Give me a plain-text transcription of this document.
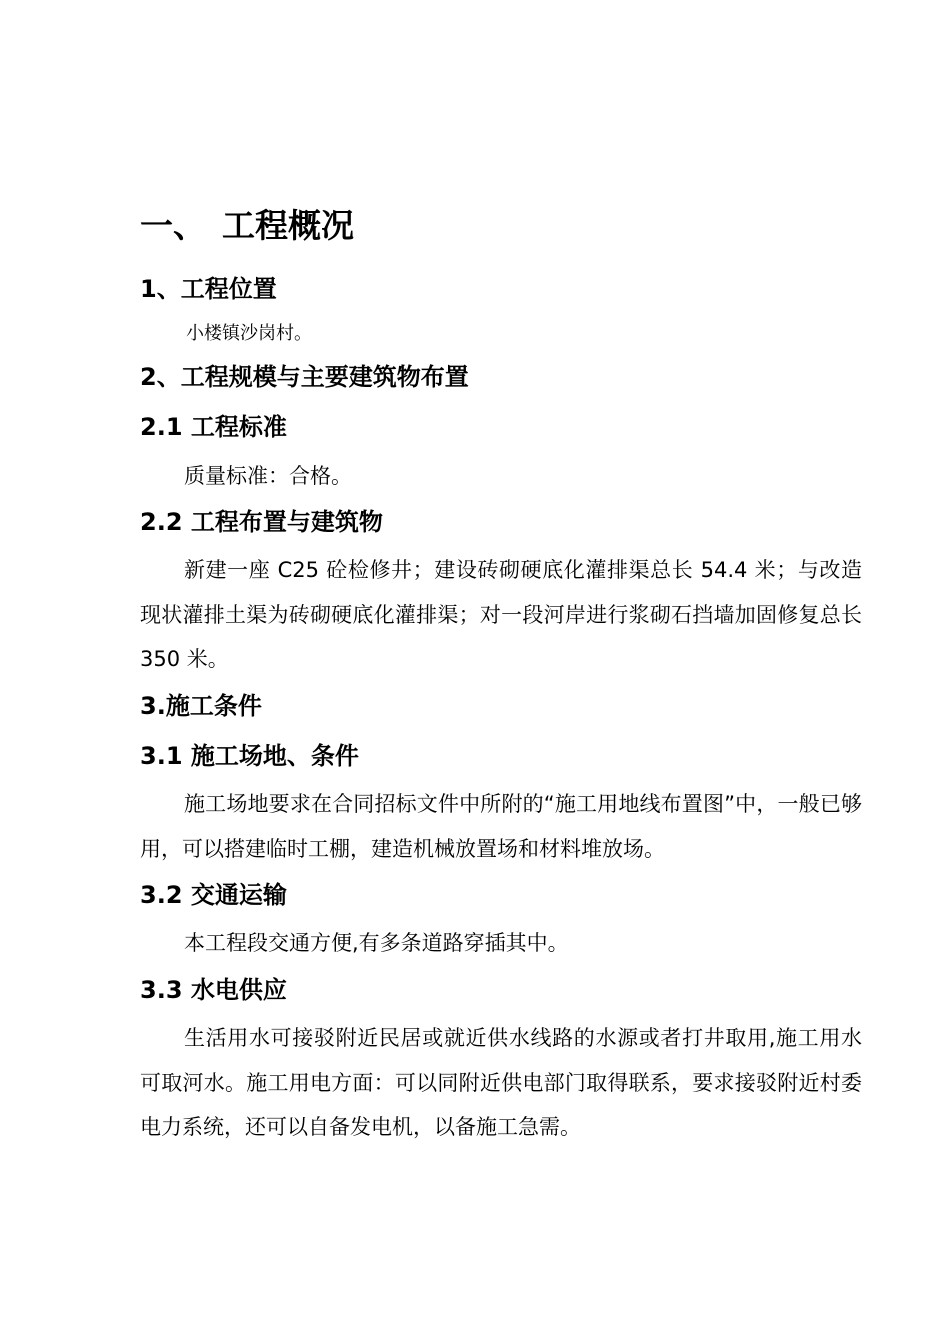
一、 工程概况
1、工程位置
小楼镇沙岗村。
2、工程规模与主要建筑物布置
2.1 工程标准
质量标准：合格。
2.2 工程布置与建筑物
新建一座 C25 砼检修井；建设砖砌硬底化灌排渠总长 54.4 米；与改造现状灌排土渠为砖砌硬底化灌排渠；对一段河岸进行浆砌石挡墙加固修复总长 350 米。
3.施工条件
3.1 施工场地、条件
施工场地要求在合同招标文件中所附的“施工用地线布置图”中，一般已够用，可以搭建临时工棚，建造机械放置场和材料堆放场。
3.2 交通运输
本工程段交通方便,有多条道路穿插其中。
3.3 水电供应
生活用水可接驳附近民居或就近供水线路的水源或者打井取用,施工用水可取河水。施工用电方面：可以同附近供电部门取得联系，要求接驳附近村委电力系统，还可以自备发电机，以备施工急需。
